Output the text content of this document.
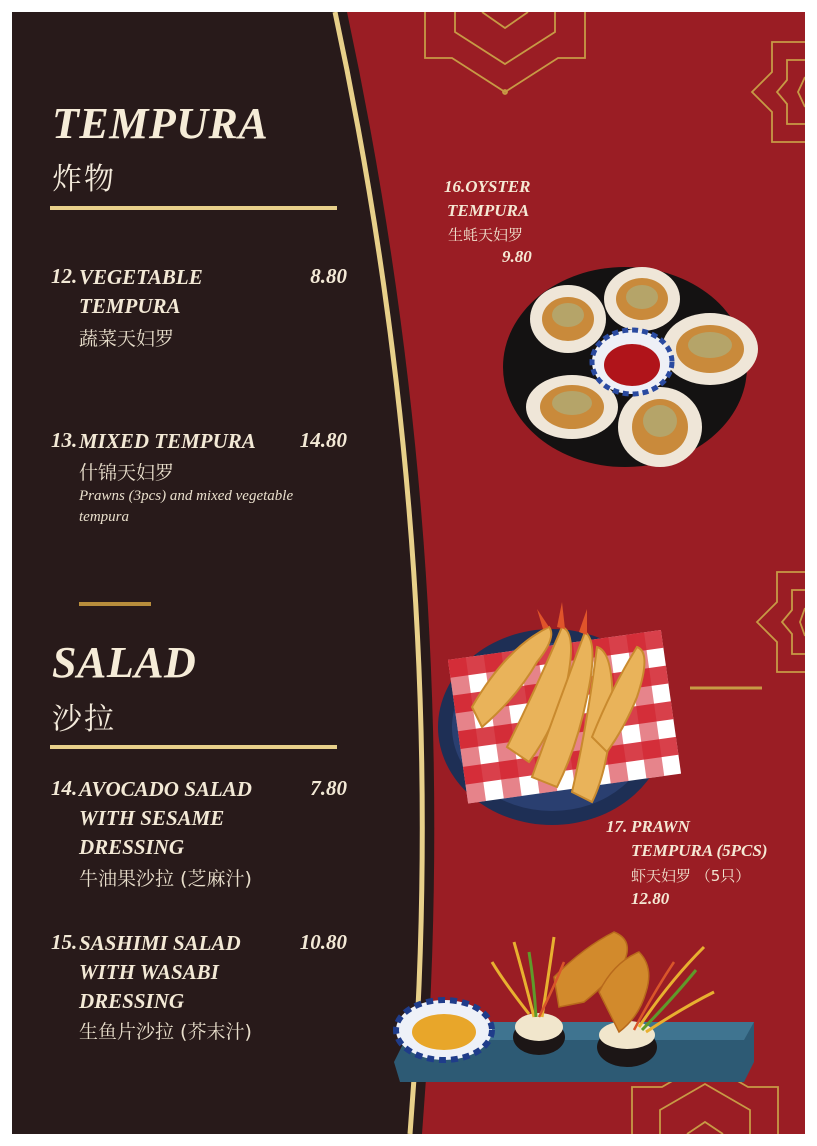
TEMPURA
炸物
12. VEGETABLE
TEMPURA
8.80
蔬菜天妇罗
13. MIXED TEMPURA	14.80
什锦天妇罗
Prawns (3pcs) and mixed vegetable
tempura
SALAD
沙拉
14. AVOCADO SALAD
WITH SESAME
DRESSING
7.80
牛油果沙拉 (芝麻汁)
15. SASHIMI SALAD
WITH WASABI
DRESSING
10.80
生鱼片沙拉 (芥末汁)
16.OYSTER
TEMPURA
生蚝天妇罗
9.80
17. PRAWN
TEMPURA (5PCS)
虾天妇罗 （5只）
12.80
